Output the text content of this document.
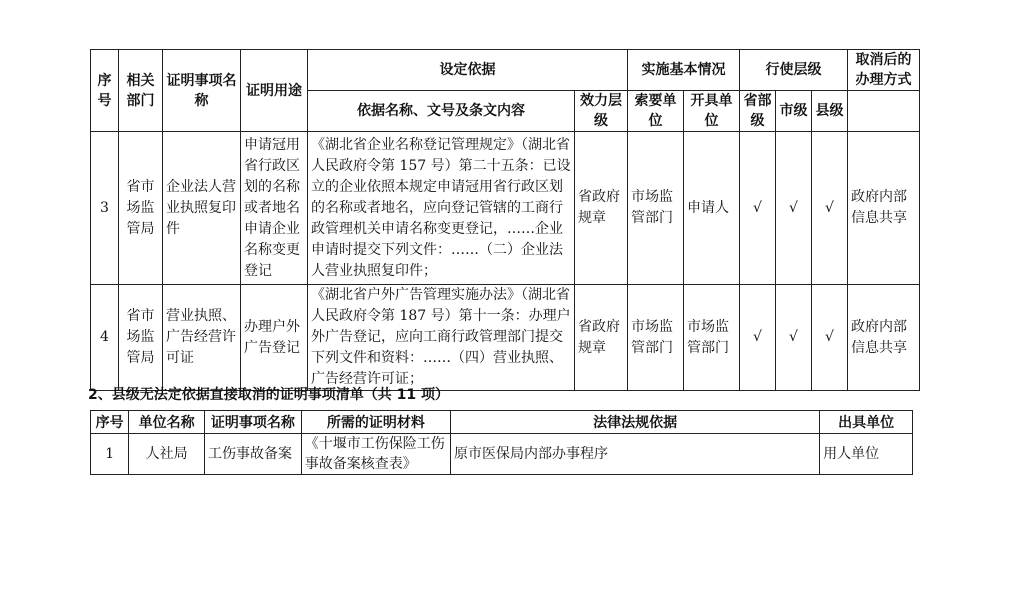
序号	相关部门	证明事项名　称	证明用途	设定依据		实施基本情况		行使层级			取消后的办理方式
				依据名称、文号及条文内容	效力层级	索要单位	开具单位	省部级	市级	县级	
3	省市场监管局	企业法人营业执照复印件	申请冠用省行政区划的名称或者地名申请企业名称变更登记	《湖北省企业名称登记管理规定》（湖北省人民政府令第 157 号）第二十五条：已设立的企业依照本规定申请冠用省行政区划的名称或者地名，应向登记管辖的工商行政管理机关申请名称变更登记，……企业申请时提交下列文件：……（二）企业法人营业执照复印件；	省政府规章	市场监管部门	申请人	√	√	√	政府内部信息共享
4	省市场监管局	营业执照、广告经营许可证	办理户外广告登记	《湖北省户外广告管理实施办法》（湖北省人民政府令第 187 号）第十一条：办理户外广告登记，应向工商行政管理部门提交下列文件和资料：……（四）营业执照、广告经营许可证；	省政府规章	市场监管部门	市场监管部门	√	√	√	政府内部信息共享
2、县级无法定依据直接取消的证明事项清单（共 11 项）
序号	单位名称	证明事项名称	所需的证明材料	法律法规依据	出具单位
1	人社局	工伤事故备案	《十堰市工伤保险工伤事故备案核查表》	原市医保局内部办事程序	用人单位
